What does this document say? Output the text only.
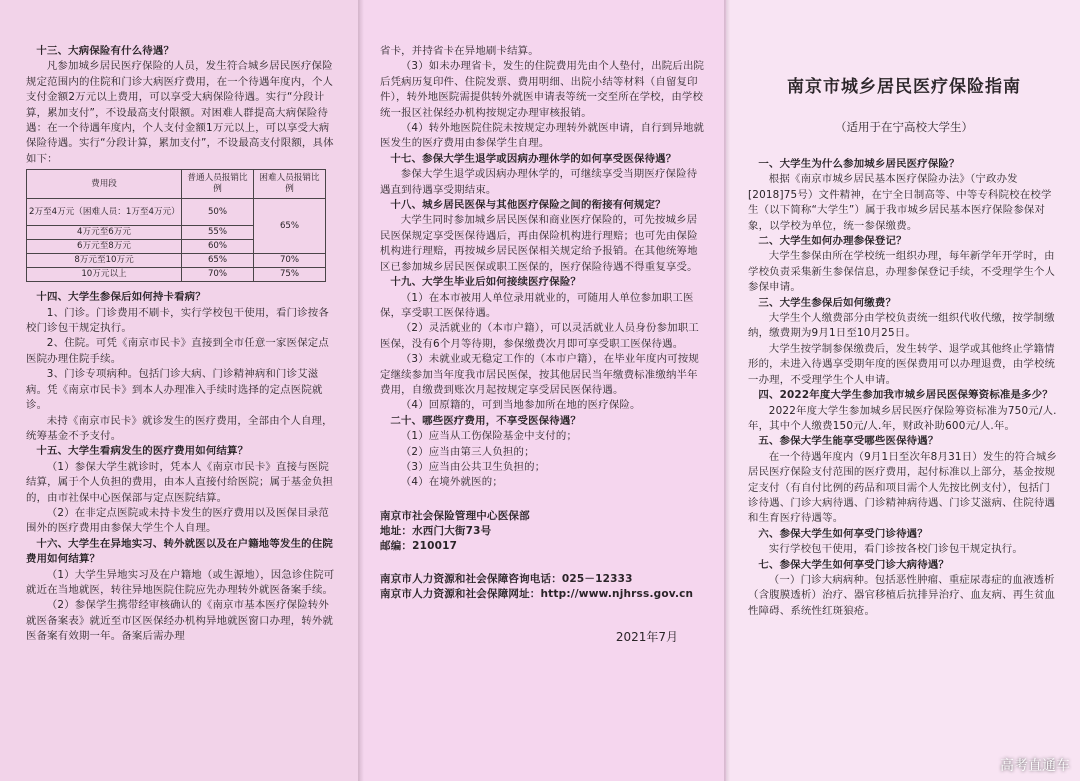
十三、大病保险有什么待遇？

凡参加城乡居民医疗保险的人员，发生符合城乡居民医疗保险规定范围内的住院和门诊大病医疗费用，在一个待遇年度内，个人支付金额2万元以上费用，可以享受大病保险待遇。实行“分段计算，累加支付”，不设最高支付限额。对困难人群提高大病保险待遇：在一个待遇年度内，个人支付金额1万元以上，可以享受大病保险待遇。实行“分段计算，累加支付”，不设最高支付限额，具体如下：

费用段	普通人员报销比例	困难人员报销比例
2万至4万元（困难人员：1万至4万元）	50%	65%
4万元至6万元	55%	
6万元至8万元	60%	
8万元至10万元	65%	70%
10万元以上	70%	75%

十四、大学生参保后如何持卡看病？

1、门诊。门诊费用不刷卡，实行学校包干使用，看门诊按各校门诊包干规定执行。

2、住院。可凭《南京市民卡》直接到全市任意一家医保定点医院办理住院手续。

3、门诊专项病种。包括门诊大病、门诊精神病和门诊艾滋病。凭《南京市民卡》到本人办理准入手续时选择的定点医院就诊。

未持《南京市民卡》就诊发生的医疗费用，全部由个人自理，统筹基金不予支付。

十五、大学生看病发生的医疗费用如何结算？

（1）参保大学生就诊时，凭本人《南京市民卡》直接与医院结算，属于个人负担的费用，由本人直接付给医院；属于基金负担的，由市社保中心医保部与定点医院结算。

（2）在非定点医院或未持卡发生的医疗费用以及医保目录范围外的医疗费用由参保大学生个人自理。

十六、大学生在异地实习、转外就医以及在户籍地等发生的住院费用如何结算？

（1）大学生异地实习及在户籍地（或生源地），因急诊住院可就近在当地就医，转往异地医院住院应先办理转外就医备案手续。

（2）参保学生携带经审核确认的《南京市基本医疗保险转外就医备案表》就近至市区医保经办机构异地就医窗口办理，转外就医备案有效期一年。备案后需办理

省卡，并持省卡在异地刷卡结算。

（3）如未办理省卡，发生的住院费用先由个人垫付，出院后出院后凭病历复印件、住院发票、费用明细、出院小结等材料（自留复印件），转外地医院需提供转外就医申请表等统一交至所在学校，由学校统一报区社保经办机构按规定办理审核报销。

（4）转外地医院住院未按规定办理转外就医申请，自行到异地就医发生的医疗费用由参保学生自理。

十七、参保大学生退学或因病办理休学的如何享受医保待遇？

参保大学生退学或因病办理休学的，可继续享受当期医疗保险待遇直到待遇享受期结束。

十八、城乡居民医保与其他医疗保险之间的衔接有何规定？

大学生同时参加城乡居民医保和商业医疗保险的，可先按城乡居民医保规定享受医保待遇后，再由保险机构进行理赔；也可先由保险机构进行理赔，再按城乡居民医保相关规定给予报销。在其他统筹地区已参加城乡居民医保或职工医保的，医疗保险待遇不得重复享受。

十九、大学生毕业后如何接续医疗保险？

（1）在本市被用人单位录用就业的，可随用人单位参加职工医保，享受职工医保待遇。

（2）灵活就业的（本市户籍），可以灵活就业人员身份参加职工医保，没有6个月等待期，参保缴费次月即可享受职工医保待遇。

（3）未就业或无稳定工作的（本市户籍），在毕业年度内可按规定继续参加当年度我市居民医保，按其他居民当年缴费标准缴纳半年费用，自缴费到账次月起按规定享受居民医保待遇。

（4）回原籍的，可到当地参加所在地的医疗保险。

二十、哪些医疗费用，不享受医保待遇？

（1）应当从工伤保险基金中支付的；

（2）应当由第三人负担的；

（3）应当由公共卫生负担的；

（4）在境外就医的；

南京市社会保险管理中心医保部

地址：水西门大街73号

邮编：210017

南京市人力资源和社会保障咨询电话：025－12333

南京市人力资源和社会保障网址：http://www.njhrss.gov.cn

2021年7月
南京市城乡居民医疗保险指南
（适用于在宁高校大学生）

一、大学生为什么参加城乡居民医疗保险？

根据《南京市城乡居民基本医疗保险办法》（宁政办发[2018]75号）文件精神，在宁全日制高等、中等专科院校在校学生（以下简称“大学生”）属于我市城乡居民基本医疗保险参保对象，以学校为单位，统一参保缴费。

二、大学生如何办理参保登记？

大学生参保由所在学校统一组织办理，每年新学年开学时，由学校负责采集新生参保信息，办理参保登记手续，不受理学生个人参保申请。

三、大学生参保后如何缴费？

大学生个人缴费部分由学校负责统一组织代收代缴，按学制缴纳，缴费期为9月1日至10月25日。

大学生按学制参保缴费后，发生转学、退学或其他终止学籍情形的，未进入待遇享受期年度的医保费用可以办理退费，由学校统一办理，不受理学生个人申请。

四、2022年度大学生参加我市城乡居民医保筹资标准是多少？

2022年度大学生参加城乡居民医疗保险筹资标准为750元/人.年，其中个人缴费150元/人.年，财政补助600元/人.年。

五、参保大学生能享受哪些医保待遇？

在一个待遇年度内（9月1日至次年8月31日）发生的符合城乡居民医疗保险支付范围的医疗费用，起付标准以上部分，基金按规定支付（有自付比例的药品和项目需个人先按比例支付），包括门诊待遇、门诊大病待遇、门诊精神病待遇、门诊艾滋病、住院待遇和生育医疗待遇等。

六、参保大学生如何享受门诊待遇？

实行学校包干使用，看门诊按各校门诊包干规定执行。

七、参保大学生如何享受门诊大病待遇？

（一）门诊大病病种。包括恶性肿瘤、重症尿毒症的血液透析（含腹膜透析）治疗、器官移植后抗排异治疗、血友病、再生贫血性障碍、系统性红斑狼疮。

高考直通车
